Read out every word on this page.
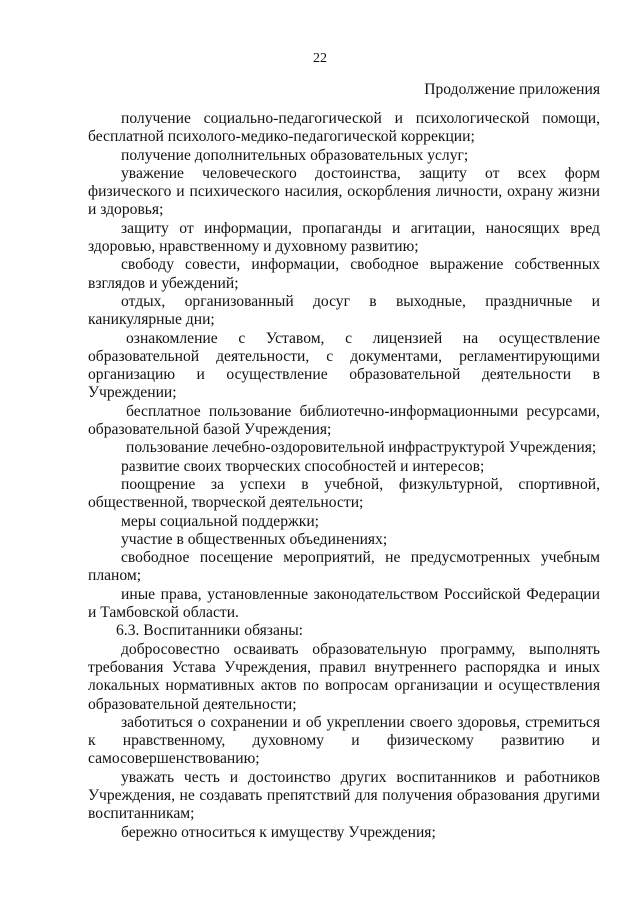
22
Продолжение приложения

получение социально-педагогической и психологической помощи, бесплатной психолого-медико-педагогической коррекции;

получение дополнительных образовательных услуг;

уважение человеческого достоинства, защиту от всех форм физического и психического насилия, оскорбления личности, охрану жизни и здоровья;

защиту от информации, пропаганды и агитации, наносящих вред здоровью, нравственному и духовному развитию;

свободу совести, информации, свободное выражение собственных взглядов и убеждений;

отдых, организованный досуг в выходные, праздничные и каникулярные дни;

ознакомление с Уставом, с лицензией на осуществление образовательной деятельности, с документами, регламентирующими организацию и осуществление образовательной деятельности в Учреждении;

бесплатное пользование библиотечно-информационными ресурсами, образовательной базой Учреждения;

пользование лечебно-оздоровительной инфраструктурой Учреждения;

развитие своих творческих способностей и интересов;

поощрение за успехи в учебной, физкультурной, спортивной, общественной, творческой деятельности;

меры социальной поддержки;

участие в общественных объединениях;

свободное посещение мероприятий, не предусмотренных учебным планом;

иные права, установленные законодательством Российской Федерации и Тамбовской области.

6.3. Воспитанники обязаны:

добросовестно осваивать образовательную программу, выполнять требования Устава Учреждения, правил внутреннего распорядка и иных локальных нормативных актов по вопросам организации и осуществления образовательной деятельности;

заботиться о сохранении и об укреплении своего здоровья, стремиться к нравственному, духовному и физическому развитию и самосовершенствованию;

уважать честь и достоинство других воспитанников и работников Учреждения, не создавать препятствий для получения образования другими воспитанникам;

бережно относиться к имуществу Учреждения;
